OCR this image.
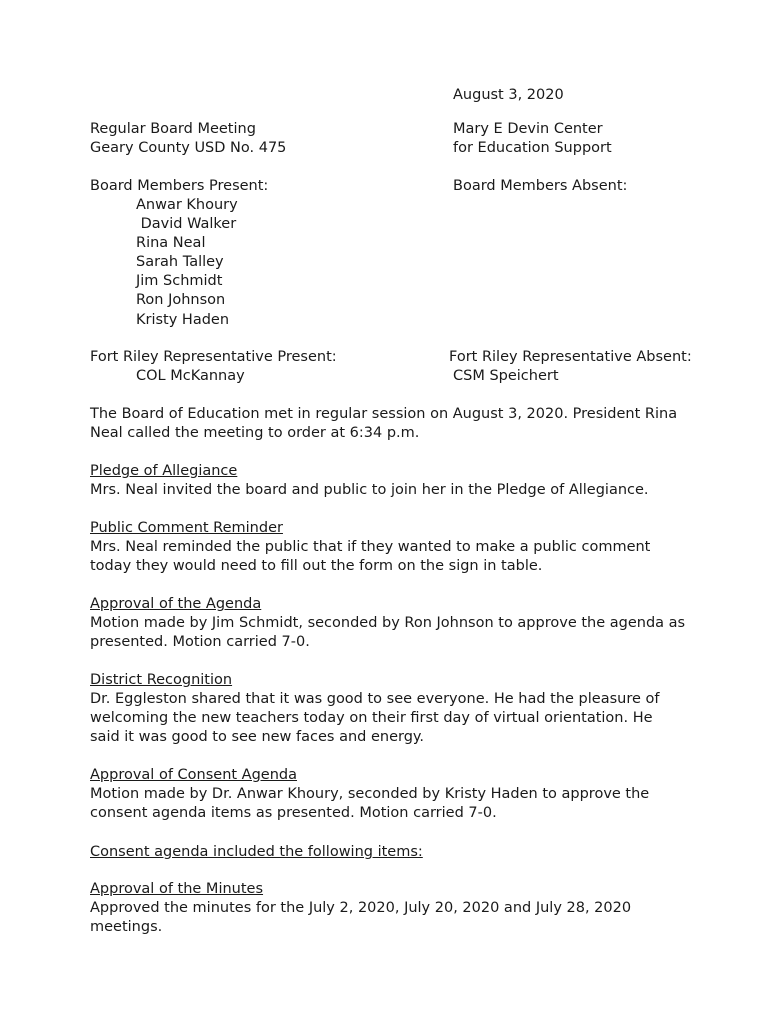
August 3, 2020
Regular Board Meeting
Geary County USD No. 475
Mary E Devin Center
for Education Support
Board Members Present:	Board Members Absent:
Anwar Khoury
David Walker
Rina Neal
Sarah Talley
Jim Schmidt
Ron Johnson
Kristy Haden
Fort Riley Representative Present:
COL McKannay
Fort Riley Representative Absent:
CSM Speichert
The Board of Education met in regular session on August 3, 2020. President Rina Neal called the meeting to order at 6:34 p.m.
Pledge of Allegiance
Mrs. Neal invited the board and public to join her in the Pledge of Allegiance.
Public Comment Reminder
Mrs. Neal reminded the public that if they wanted to make a public comment today they would need to fill out the form on the sign in table.
Approval of the Agenda
Motion made by Jim Schmidt, seconded by Ron Johnson to approve the agenda as presented. Motion carried 7-0.
District Recognition
Dr. Eggleston shared that it was good to see everyone. He had the pleasure of welcoming the new teachers today on their first day of virtual orientation. He said it was good to see new faces and energy.
Approval of Consent Agenda
Motion made by Dr. Anwar Khoury, seconded by Kristy Haden to approve the consent agenda items as presented. Motion carried 7-0.
Consent agenda included the following items:
Approval of the Minutes
Approved the minutes for the July 2, 2020, July 20, 2020 and July 28, 2020 meetings.
